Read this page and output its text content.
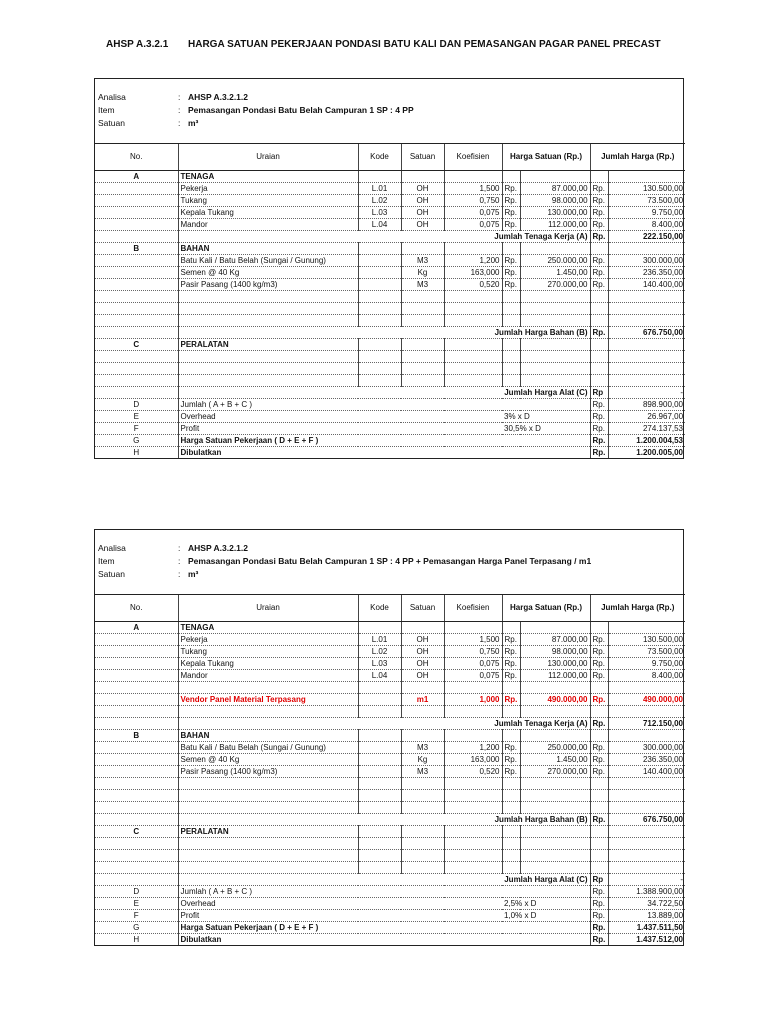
AHSP A.3.2.1 HARGA SATUAN PEKERJAAN PONDASI BATU KALI DAN PEMASANGAN PAGAR PANEL PRECAST
Analisa	: AHSP A.3.2.1.2
Item	: Pemasangan Pondasi Batu Belah Campuran 1 SP : 4 PP
Satuan	: m³
No.	Uraian	Kode	Satuan	Koefisien	Harga Satuan (Rp.)		Jumlah Harga (Rp.)	
A	TENAGA							
	Pekerja	L.01	OH	1,500	Rp.	87.000,00	Rp.	130.500,00
	Tukang	L.02	OH	0,750	Rp.	98.000,00	Rp.	73.500,00
	Kepala Tukang	L.03	OH	0,075	Rp.	130.000,00	Rp.	9.750,00
	Mandor	L.04	OH	0,075	Rp.	112.000,00	Rp.	8.400,00
	Jumlah Tenaga Kerja (A)						Rp.	222.150,00
B	BAHAN							
	Batu Kali / Batu Belah (Sungai / Gunung)		M3	1,200	Rp.	250.000,00	Rp.	300.000,00
	Semen @ 40 Kg		Kg	163,000	Rp.	1.450,00	Rp.	236.350,00
	Pasir Pasang (1400 kg/m3)		M3	0,520	Rp.	270.000,00	Rp.	140.400,00

	Jumlah Harga Bahan (B)						Rp.	676.750,00
C	PERALATAN							

	Jumlah Harga Alat (C)						Rp	-
D	Jumlah ( A + B + C )						Rp.	898.900,00
E	Overhead			3% x D			Rp.	26.967,00
F	Profit			30,5% x D			Rp.	274.137,53
G	Harga Satuan Pekerjaan ( D + E + F )						Rp.	1.200.004,53
H	Dibulatkan						Rp.	1.200.005,00
Analisa	: AHSP A.3.2.1.2
Item	: Pemasangan Pondasi Batu Belah Campuran 1 SP : 4 PP + Pemasangan Harga Panel Terpasang / m1
Satuan	: m³
No.	Uraian	Kode	Satuan	Koefisien	Harga Satuan (Rp.)		Jumlah Harga (Rp.)	
A	TENAGA							
	Pekerja	L.01	OH	1,500	Rp.	87.000,00	Rp.	130.500,00
	Tukang	L.02	OH	0,750	Rp.	98.000,00	Rp.	73.500,00
	Kepala Tukang	L.03	OH	0,075	Rp.	130.000,00	Rp.	9.750,00
	Mandor	L.04	OH	0,075	Rp.	112.000,00	Rp.	8.400,00

	Vendor Panel Material Terpasang		m1	1,000	Rp.	490.000,00	Rp.	490.000,00

	Jumlah Tenaga Kerja (A)						Rp.	712.150,00
B	BAHAN							
	Batu Kali / Batu Belah (Sungai / Gunung)		M3	1,200	Rp.	250.000,00	Rp.	300.000,00
	Semen @ 40 Kg		Kg	163,000	Rp.	1.450,00	Rp.	236.350,00
	Pasir Pasang (1400 kg/m3)		M3	0,520	Rp.	270.000,00	Rp.	140.400,00

	Jumlah Harga Bahan (B)						Rp.	676.750,00
C	PERALATAN							

	Jumlah Harga Alat (C)						Rp	-
D	Jumlah ( A + B + C )						Rp.	1.388.900,00
E	Overhead			2,5% x D			Rp.	34.722,50
F	Profit			1,0% x D			Rp.	13.889,00
G	Harga Satuan Pekerjaan ( D + E + F )						Rp.	1.437.511,50
H	Dibulatkan						Rp.	1.437.512,00
